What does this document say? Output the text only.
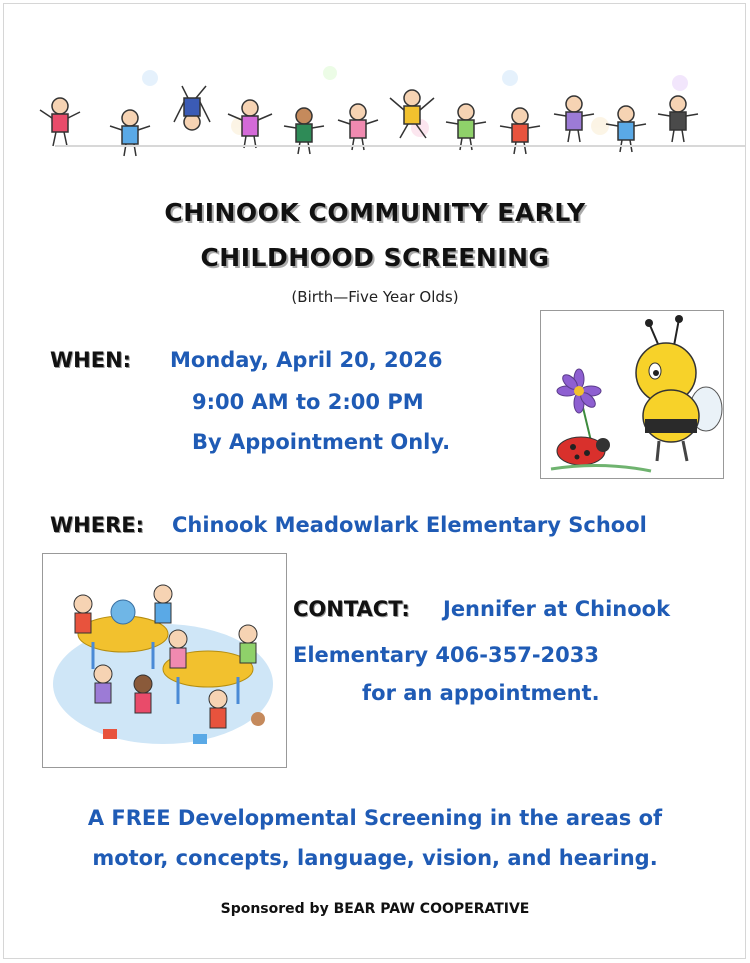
CHINOOK COMMUNITY EARLY
CHILDHOOD SCREENING
(Birth—Five Year Olds)
WHEN: Monday, April 20, 2026
9:00 AM to 2:00 PM
By Appointment Only.
WHERE: Chinook Meadowlark Elementary School
CONTACT: Jennifer at Chinook
Elementary 406-357-2033
for an appointment.
A FREE Developmental Screening in the areas of
motor, concepts, language, vision, and hearing.
Sponsored by BEAR PAW COOPERATIVE
